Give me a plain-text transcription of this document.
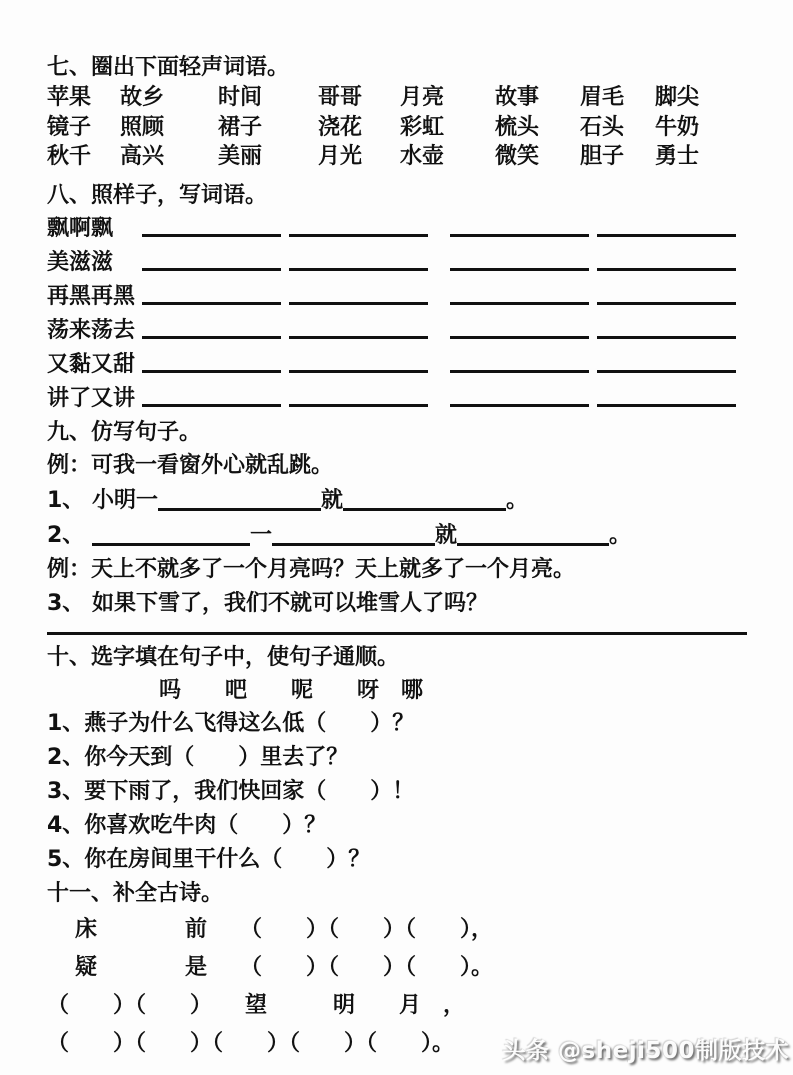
七、圈出下面轻声词语。
苹果	故乡	时间	哥哥	月亮	故事	眉毛	脚尖
镜子	照顾	裙子	浇花	彩虹	梳头	石头	牛奶
秋千	高兴	美丽	月光	水壶	微笑	胆子	勇士
八、照样子，写词语。
飘啊飘
美滋滋
再黑再黑
荡来荡去
又黏又甜
讲了又讲
九、仿写句子。
例：可我一看窗外心就乱跳。
1、 小明一	就	。
2、	一	就	。
例：天上不就多了一个月亮吗？天上就多了一个月亮。
3、 如果下雪了，我们不就可以堆雪人了吗？
十、选字填在句子中，使句子通顺。
吗　　吧　　呢　　呀　哪
1、燕子为什么飞得这么低（　　）？
2、你今天到（　　）里去了？
3、要下雨了，我们快回家（　　）！
4、你喜欢吃牛肉（　　）？
5、你在房间里干什么（　　）？
十一、补全古诗。
床　　　　前　　（　　）（　　）（　　），
疑　　　　是　　（　　）（　　）（　　）。
（　　）（　　）　　望　　　明　　月　，
（　　）（　　）（　　）（　　）（　　）。	头条 @sheji500制版技术
